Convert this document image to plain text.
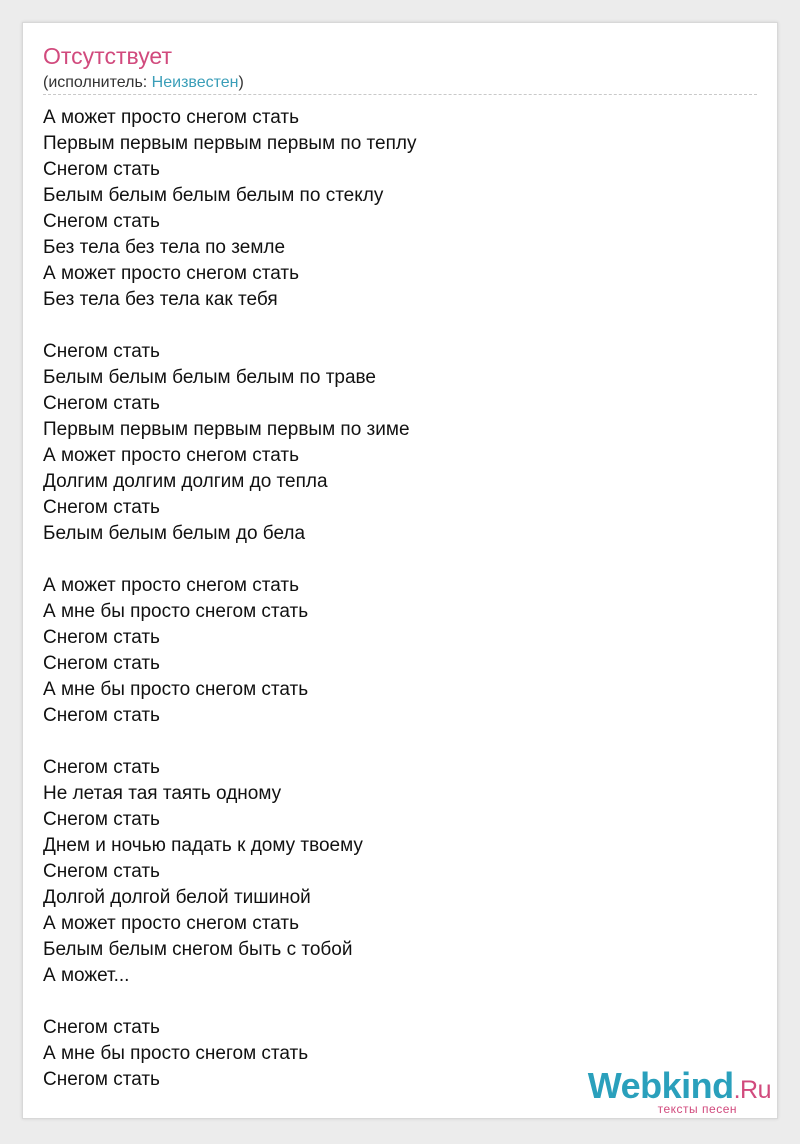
Отсутствует
(исполнитель: Неизвестен)
А может просто снегом стать
Первым первым первым первым по теплу
Снегом стать
Белым белым белым белым по стеклу
Снегом стать
Без тела без тела по земле
А может просто снегом стать
Без тела без тела как тебя
Снегом стать
Белым белым белым белым по траве
Снегом стать
Первым первым первым первым по зиме
А может просто снегом стать
Долгим долгим долгим до тепла
Снегом стать
Белым белым белым до бела
А может просто снегом стать
А мне бы просто снегом стать
Снегом стать
Снегом стать
А мне бы просто снегом стать
Снегом стать
Снегом стать
Не летая тая таять одному
Снегом стать
Днем и ночью падать к дому твоему
Снегом стать
Долгой долгой белой тишиной
А может просто снегом стать
Белым белым снегом быть с тобой
А может...
Снегом стать
А мне бы просто снегом стать
Снегом стать	Webkind.Ru
тексты песен
